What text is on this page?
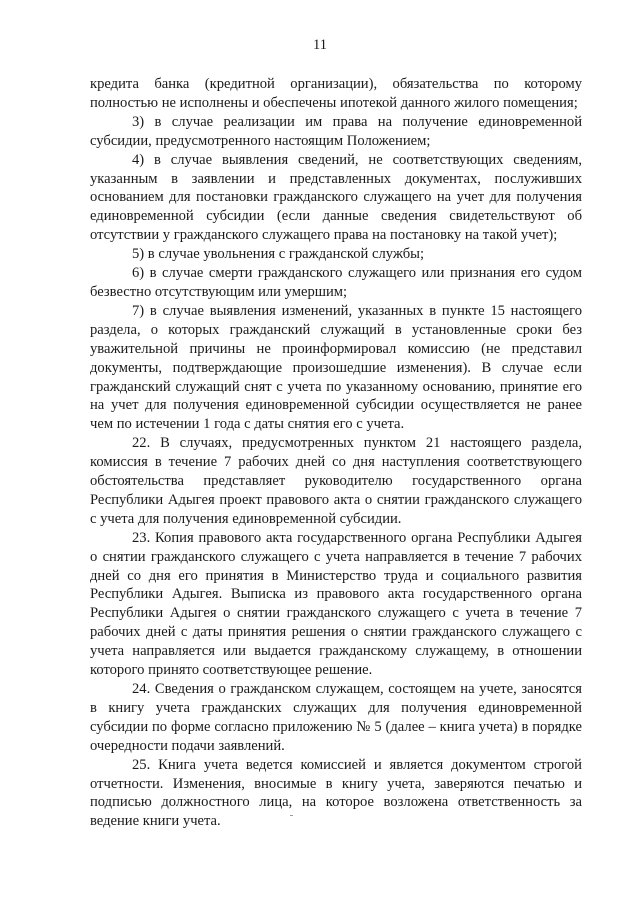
11

кредита банка (кредитной организации), обязательства по которому полностью не исполнены и обеспечены ипотекой данного жилого помещения;

3) в случае реализации им права на получение единовременной субсидии, предусмотренного настоящим Положением;

4) в случае выявления сведений, не соответствующих сведениям, указанным в заявлении и представленных документах, послуживших основанием для постановки гражданского служащего на учет для получения единовременной субсидии (если данные сведения свидетельствуют об отсутствии у гражданского служащего права на постановку на такой учет);

5) в случае увольнения с гражданской службы;

6) в случае смерти гражданского служащего или признания его судом безвестно отсутствующим или умершим;

7) в случае выявления изменений, указанных в пункте 15 настоящего раздела, о которых гражданский служащий в установленные сроки без уважительной причины не проинформировал комиссию (не представил документы, подтверждающие произошедшие изменения). В случае если гражданский служащий снят с учета по указанному основанию, принятие его на учет для получения единовременной субсидии осуществляется не ранее чем по истечении 1 года с даты снятия его с учета.

22. В случаях, предусмотренных пунктом 21 настоящего раздела, комиссия в течение 7 рабочих дней со дня наступления соответствующего обстоятельства представляет руководителю государственного органа Республики Адыгея проект правового акта о снятии гражданского служащего с учета для получения единовременной субсидии.

23. Копия правового акта государственного органа Республики Адыгея о снятии гражданского служащего с учета направляется в течение 7 рабочих дней со дня его принятия в Министерство труда и социального развития Республики Адыгея. Выписка из правового акта государственного органа Республики Адыгея о снятии гражданского служащего с учета в течение 7 рабочих дней с даты принятия решения о снятии гражданского служащего с учета направляется или выдается гражданскому служащему, в отношении которого принято соответствующее решение.

24. Сведения о гражданском служащем, состоящем на учете, заносятся в книгу учета гражданских служащих для получения единовременной субсидии по форме согласно приложению № 5 (далее – книга учета) в порядке очередности подачи заявлений.

25. Книга учета ведется комиссией и является документом строгой отчетности. Изменения, вносимые в книгу учета, заверяются печатью и подписью должностного лица, на которое возложена ответственность за ведение книги учета.
